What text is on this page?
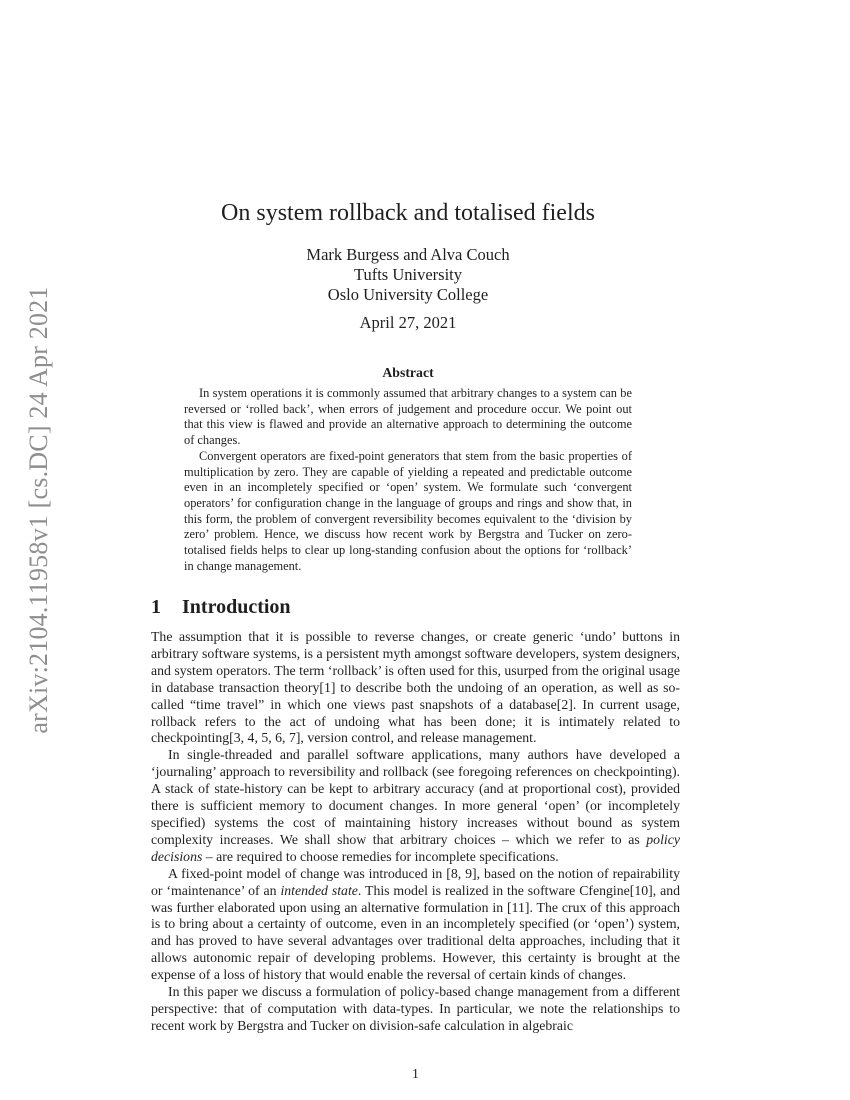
arXiv:2104.11958v1 [cs.DC] 24 Apr 2021
On system rollback and totalised fields
Mark Burgess and Alva Couch
Tufts University
Oslo University College
April 27, 2021
Abstract

In system operations it is commonly assumed that arbitrary changes to a system can be reversed or ‘rolled back’, when errors of judgement and procedure occur. We point out that this view is flawed and provide an alternative approach to determining the outcome of changes.

Convergent operators are fixed-point generators that stem from the basic properties of multiplication by zero. They are capable of yielding a repeated and predictable outcome even in an incompletely specified or ‘open’ system. We formulate such ‘convergent operators’ for configuration change in the language of groups and rings and show that, in this form, the problem of convergent reversibility becomes equivalent to the ‘division by zero’ problem. Hence, we discuss how recent work by Bergstra and Tucker on zero-totalised fields helps to clear up long-standing confusion about the options for ‘rollback’ in change management.

1 Introduction

The assumption that it is possible to reverse changes, or create generic ‘undo’ buttons in arbitrary software systems, is a persistent myth amongst software developers, system designers, and system operators. The term ‘rollback’ is often used for this, usurped from the original usage in database transaction theory[1] to describe both the undoing of an operation, as well as so-called “time travel” in which one views past snapshots of a database[2]. In current usage, rollback refers to the act of undoing what has been done; it is intimately related to checkpointing[3, 4, 5, 6, 7], version control, and release management.

In single-threaded and parallel software applications, many authors have developed a ‘journaling’ approach to reversibility and rollback (see foregoing references on checkpointing). A stack of state-history can be kept to arbitrary accuracy (and at proportional cost), provided there is sufficient memory to document changes. In more general ‘open’ (or incompletely specified) systems the cost of maintaining history increases without bound as system complexity increases. We shall show that arbitrary choices – which we refer to as policy decisions – are required to choose remedies for incomplete specifications.

A fixed-point model of change was introduced in [8, 9], based on the notion of repairability or ‘maintenance’ of an intended state. This model is realized in the software Cfengine[10], and was further elaborated upon using an alternative formulation in [11]. The crux of this approach is to bring about a certainty of outcome, even in an incompletely specified (or ‘open’) system, and has proved to have several advantages over traditional delta approaches, including that it allows autonomic repair of developing problems. However, this certainty is brought at the expense of a loss of history that would enable the reversal of certain kinds of changes.

In this paper we discuss a formulation of policy-based change management from a different perspective: that of computation with data-types. In particular, we note the relationships to recent work by Bergstra and Tucker on division-safe calculation in algebraic

1
